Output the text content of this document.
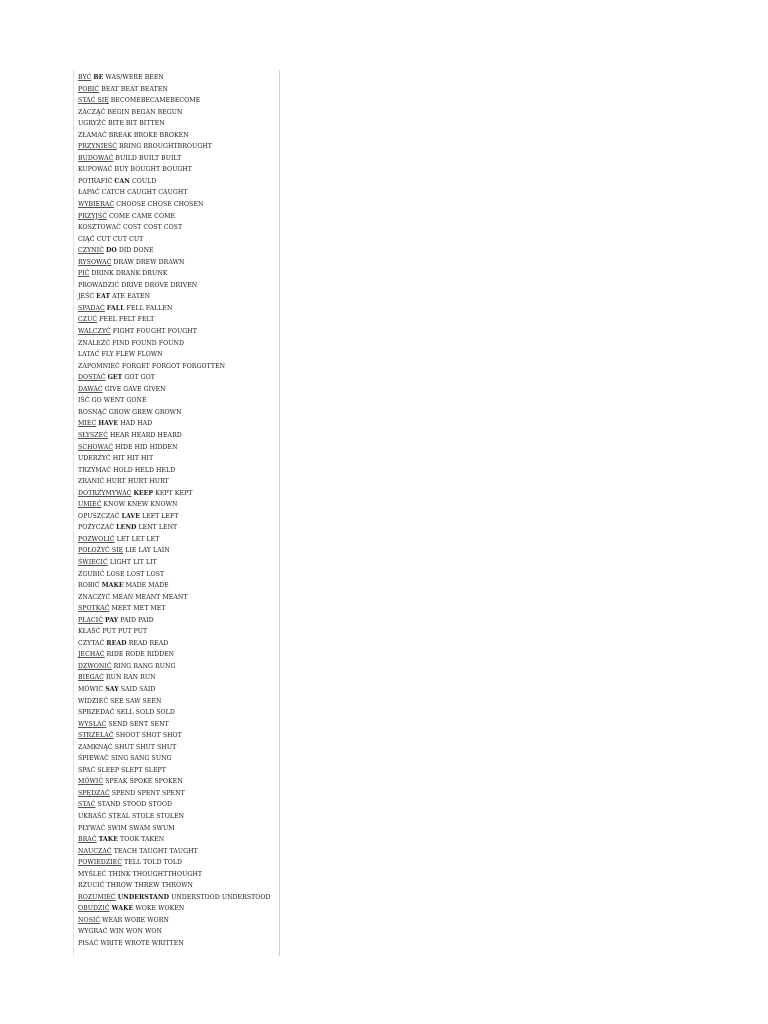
BYĆ BE WAS/WERE BEEN
POBIĆ BEAT BEAT BEATEN
STAĆ SIĘ BECOMEBECAMEBECOME
ZACZĄĆ BEGIN BEGAN BEGUN
UGRYŹĆ BITE BIT BITTEN
ZŁAMAĆ BREAK BROKE BROKEN
PRZYNIEŚĆ BRING BROUGHTBROUGHT
BUDOWAĆ BUILD BUILT BUILT
KUPOWAĆ BUY BOUGHT BOUGHT
POTRAFIĆ CAN COULD
ŁAPAĆ CATCH CAUGHT CAUGHT
WYBIERAĆ CHOOSE CHOSE CHOSEN
PRZYJŚĆ COME CAME COME
KOSZTOWAĆ COST COST COST
CIĄĆ CUT CUT CUT
CZYNIĆ DO DID DONE
RYSOWAĆ DRAW DREW DRAWN
PIĆ DRINK DRANK DRUNK
PROWADZIĆ DRIVE DROVE DRIVEN
JEŚĆ EAT ATE EATEN
SPADAĆ FALL FELL FALLEN
CZUĆ FEEL FELT FELT
WALCZYĆ FIGHT FOUGHT FOUGHT
ZNALEŹĆ FIND FOUND FOUND
LATAĆ FLY FLEW FLOWN
ZAPOMNIEĆ FORGET FORGOT FORGOTTEN
DOSTAĆ GET GOT GOT
DAWAĆ GIVE GAVE GIVEN
IŚĆ GO WENT GONE
ROSNĄĆ GROW GREW GROWN
MIEĆ HAVE HAD HAD
SŁYSZEĆ HEAR HEARD HEARD
SCHOWAĆ HIDE HID HIDDEN
UDERZYĆ HIT HIT HIT
TRZYMAĆ HOLD HELD HELD
ZRANIĆ HURT HURT HURT
DOTRZYMYWAĆ KEEP KEPT KEPT
UMIEĆ KNOW KNEW KNOWN
OPUSZCZAĆ LAVE LEFT LEFT
POŻYCZAĆ LEND LENT LENT
POZWOLIĆ LET LET LET
POŁOŻYĆ SIĘ LIE LAY LAIN
ŚWIECIĆ LIGHT LIT LIT
ZGUBIĆ LOSE LOST LOST
ROBIĆ MAKE MADE MADE
ZNACZYĆ MEAN MEANT MEANT
SPOTKAĆ MEET MET MET
PŁACIĆ PAY PAID PAID
KŁAŚĆ PUT PUT PUT
CZYTAĆ READ READ READ
JECHAĆ RIDE RODE RIDDEN
DZWONIĆ RING RANG RUNG
BIEGAĆ RUN RAN RUN
MÓWIĆ SAY SAID SAID
WIDZIEĆ SEE SAW SEEN
SPRZEDAĆ SELL SOLD SOLD
WYSŁAĆ SEND SENT SENT
STRZELAĆ SHOOT SHOT SHOT
ZAMKNĄĆ SHUT SHUT SHUT
ŚPIEWAĆ SING SANG SUNG
SPAĆ SLEEP SLEPT SLEPT
MÓWIĆ SPEAK SPOKE SPOKEN
SPĘDZAĆ SPEND SPENT SPENT
STAĆ STAND STOOD STOOD
UKRAŚĆ STEAL STOLE STOLEN
PŁYWAĆ SWIM SWAM SWUM
BRAĆ TAKE TOOK TAKEN
NAUCZAĆ TEACH TAUGHT TAUGHT
POWIEDZIEĆ TELL TOLD TOLD
MYŚLEĆ THINK THOUGHTTHOUGHT
RZUCIĆ THROW THREW THROWN
ROZUMIEĆ UNDERSTAND UNDERSTOOD UNDERSTOOD
OBUDZIĆ WAKE WOKE WOKEN
NOSIĆ WEAR WORE WORN
WYGRAĆ WIN WON WON
PISAĆ WRITE WROTE WRITTEN
